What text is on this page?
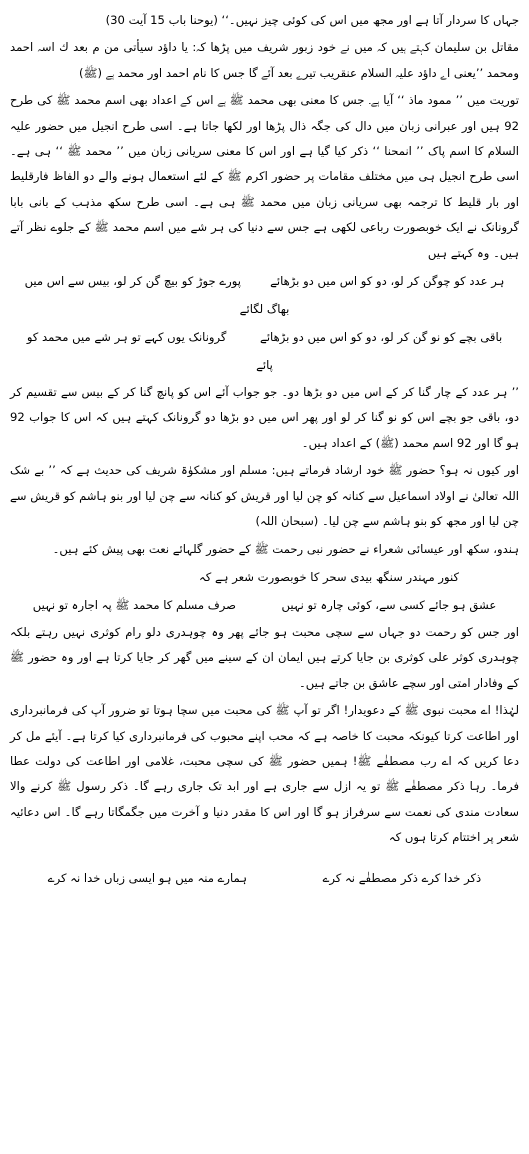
جہاں کا سردار آتا ہے اور مجھ میں اس کی کوئی چیز نہیں۔‘‘ (یوحنا باب 15 آیت 30)

مقاتل بن سلیمان کہتے ہیں کہ میں نے خود زبور شریف میں پڑھا کہ: یا داؤد سیأتی من م بعد ك اسہ احمد ومحمد ’’یعنی اے داؤد علیہ السلام عنقریب تیرے بعد آئے گا جس کا نام احمد اور محمد ہے (ﷺ)

توریت میں ’’ ممود ماذ ‘‘ آیا ہے۔ جس کا معنی بھی محمد ﷺ ہے اس کے اعداد بھی اسم محمد ﷺ کی طرح 92 ہیں اور عبرانی زبان میں دال کی جگہ ذال پڑھا اور لکھا جاتا ہے۔ اسی طرح انجیل میں حضور علیہ السلام کا اسم پاک ’’ انمحنا ‘‘ ذکر کیا گیا ہے اور اس کا معنی سریانی زبان میں ’’ محمد ﷺ ‘‘ ہی ہے۔ اسی طرح انجیل ہی میں مختلف مقامات پر حضور اکرم ﷺ کے لئے استعمال ہونے والے دو الفاظ فارقلیط اور بار قلیط کا ترجمہ بھی سریانی زبان میں محمد ﷺ ہی ہے۔ اسی طرح سکھ مذہب کے بانی بابا گرونانک نے ایک خوبصورت رباعی لکھی ہے جس سے دنیا کی ہر شے میں اسم محمد ﷺ کے جلوے نظر آتے ہیں۔ وہ کہتے ہیں

ہر عدد کو چوگن کر لو، دو کو اس میں دو بڑھائے
پورے جوڑ کو بیچ گن کر لو، بیس سے اس میں
بھاگ لگائے
باقی بچے کو نو گن کر لو، دو کو اس میں دو بڑھائے
گرونانک یوں کہے تو ہر شے میں محمد کو
پائے

’’ ہر عدد کے چار گنا کر کے اس میں دو بڑھا دو۔ جو جواب آئے اس کو پانچ گنا کر کے بیس سے تقسیم کر دو، باقی جو بچے اس کو نو گنا کر لو اور پھر اس میں دو بڑھا دو گرونانک کہتے ہیں کہ اس کا جواب 92 ہو گا اور 92 اسم محمد (ﷺ) کے اعداد ہیں۔

اور کیوں نہ ہو؟ حضور ﷺ خود ارشاد فرماتے ہیں: مسلم اور مشکوٰۃ شریف کی حدیث ہے کہ ’’ بے شک اللہ تعالیٰ نے اولاد اسماعیل سے کنانہ کو چن لیا اور قریش کو کنانہ سے چن لیا اور بنو ہاشم کو قریش سے چن لیا اور مجھ کو بنو ہاشم سے چن لیا۔ (سبحان اللہ)

ہندو، سکھ اور عیسائی شعراء نے حضور نبی رحمت ﷺ کے حضور گلہائے نعت بھی پیش کئے ہیں۔

کنور مہندر سنگھ بیدی سحر کا خوبصورت شعر ہے کہ
عشق ہو جائے کسی سے، کوئی چارہ تو نہیں
صرف مسلم کا محمد ﷺ پہ اجارہ تو نہیں

اور جس کو رحمت دو جہاں سے سچی محبت ہو جائے پھر وہ چوہدری دلو رام کوثری نہیں رہتے بلکہ چوہدری کوثر علی کوثری بن جایا کرتے ہیں ایمان ان کے سینے میں گھر کر جایا کرتا ہے اور وہ حضور ﷺ کے وفادار امتی اور سچے عاشق بن جاتے ہیں۔

لہٰذا! اے محبت نبوی ﷺ کے دعویدار! اگر تو آپ ﷺ کی محبت میں سچا ہوتا تو ضرور آپ کی فرمانبرداری اور اطاعت کرتا کیونکہ محبت کا خاصہ ہے کہ محب اپنے محبوب کی فرمانبرداری کیا کرتا ہے۔ آیئے مل کر دعا کریں کہ اے رب مصطفٰے ﷺ! ہمیں حضور ﷺ کی سچی محبت، غلامی اور اطاعت کی دولت عطا فرما۔ رہا ذکر مصطفٰے ﷺ تو یہ ازل سے جاری ہے اور ابد تک جاری رہے گا۔ ذکر رسول ﷺ کرنے والا سعادت مندی کی نعمت سے سرفراز ہو گا اور اس کا مقدر دنیا و آخرت میں جگمگاتا رہے گا۔ اس دعائیہ شعر پر اختتام کرتا ہوں کہ

ذکر خدا کرے ذکر مصطفٰے نہ کرے
ہمارے منہ میں ہو ایسی زباں خدا نہ کرے
